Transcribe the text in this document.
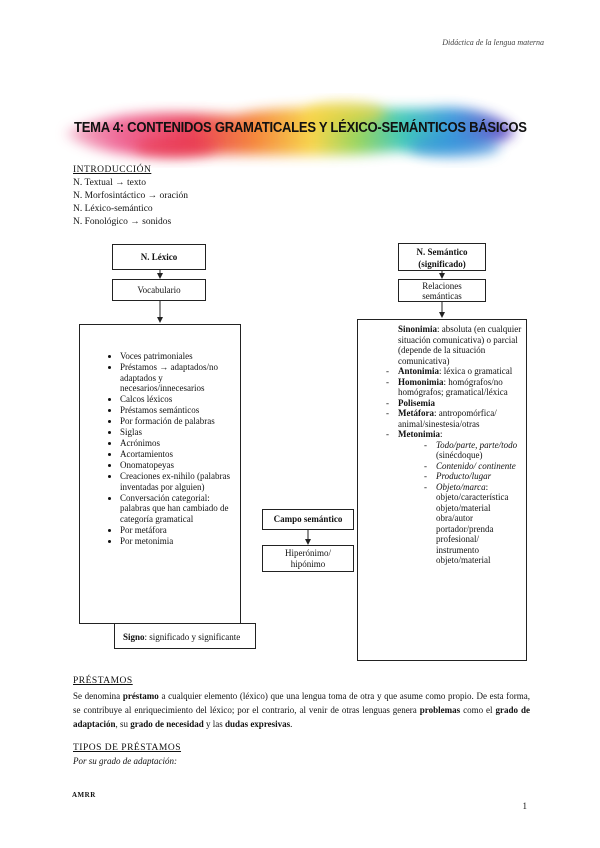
Didáctica de la lengua materna
TEMA 4: CONTENIDOS GRAMATICALES Y LÉXICO-SEMÁNTICOS BÁSICOS
INTRODUCCIÓN
N. Textual → texto
N. Morfosintáctico → oración
N. Léxico-semántico
N. Fonológico → sonidos
N. Léxico
Vocabulario
• Voces patrimoniales
• Préstamos → adaptados/no adaptados y necesarios/innecesarios
• Calcos léxicos
• Préstamos semánticos
• Por formación de palabras
• Siglas
• Acrónimos
• Acortamientos
• Onomatopeyas
• Creaciones ex-nihilo (palabras inventadas por alguien)
• Conversación categorial: palabras que han cambiado de categoría gramatical
• Por metáfora
• Por metonimia
Signo: significado y significante
N. Semántico
(significado)
Relaciones semánticas
Sinonimia: absoluta (en cualquier situación comunicativa) o parcial (depende de la situación comunicativa)
- Antonimia: léxica o gramatical
- Homonimia: homógrafos/no homógrafos; gramatical/léxica
- Polisemia
- Metáfora: antropomórfica/ animal/sinestesia/otras
- Metonimia:
- Todo/parte, parte/todo
(sinécdoque)
- Contenido/ continente
- Producto/lugar
- Objeto/marca: objeto/característica objeto/material obra/autor portador/prenda profesional/ instrumento objeto/material
Campo semántico
Hiperónimo/ hipónimo
PRÉSTAMOS
Se denomina préstamo a cualquier elemento (léxico) que una lengua toma de otra y que asume como propio. De esta forma, se contribuye al enriquecimiento del léxico; por el contrario, al venir de otras lenguas genera problemas como el grado de adaptación, su grado de necesidad y las dudas expresivas.
TIPOS DE PRÉSTAMOS
Por su grado de adaptación:
AMRR
1
